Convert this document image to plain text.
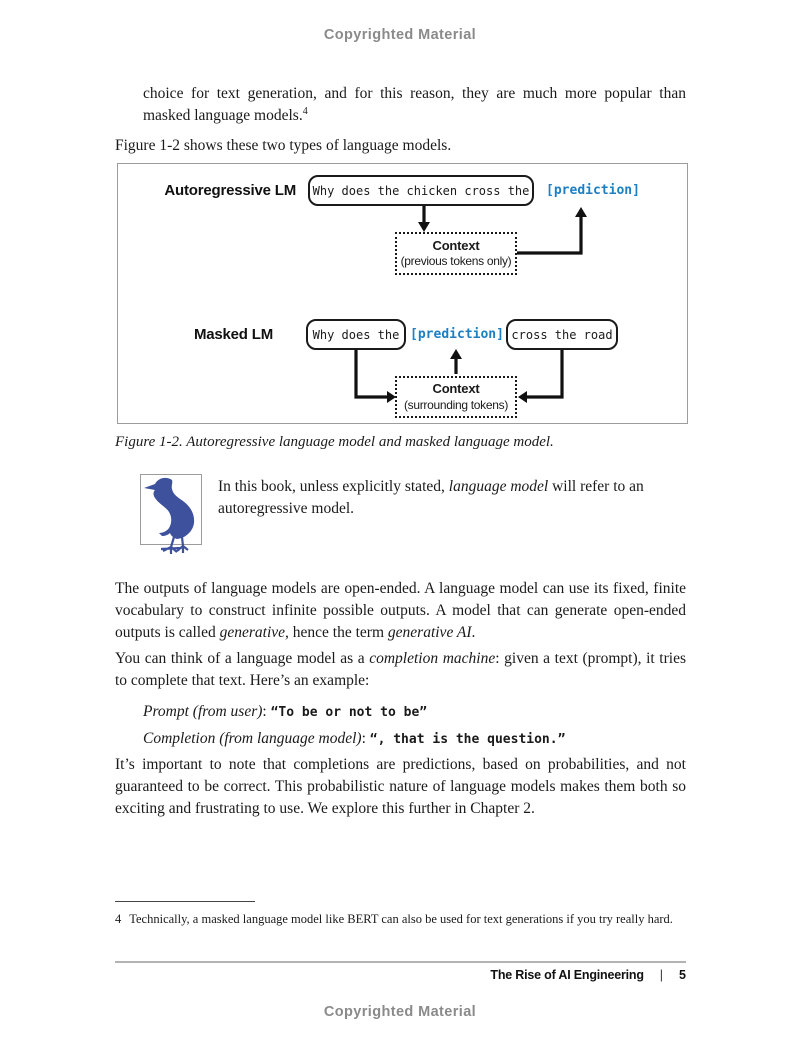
Copyrighted Material

choice for text generation, and for this reason, they are much more popular than masked language models.$^4$

Figure 1-2 shows these two types of language models.

Autoregressive LM	Why does the chicken cross the	[prediction]
Context
(previous tokens only)
Masked LM	Why does the [prediction] cross the road
Context
(surrounding tokens)

Figure 1-2. Autoregressive language model and masked language model.

In this book, unless explicitly stated, language model will refer to an autoregressive model.

The outputs of language models are open-ended. A language model can use its fixed, finite vocabulary to construct infinite possible outputs. A model that can generate open-ended outputs is called generative, hence the term generative AI.

You can think of a language model as a completion machine: given a text (prompt), it tries to complete that text. Here’s an example:

Prompt (from user): “To be or not to be”

Completion (from language model): “, that is the question.”

It’s important to note that completions are predictions, based on probabilities, and not guaranteed to be correct. This probabilistic nature of language models makes them both so exciting and frustrating to use. We explore this further in Chapter 2.

4 Technically, a masked language model like BERT can also be used for text generations if you try really hard.

The Rise of AI Engineering | 5
Copyrighted Material
